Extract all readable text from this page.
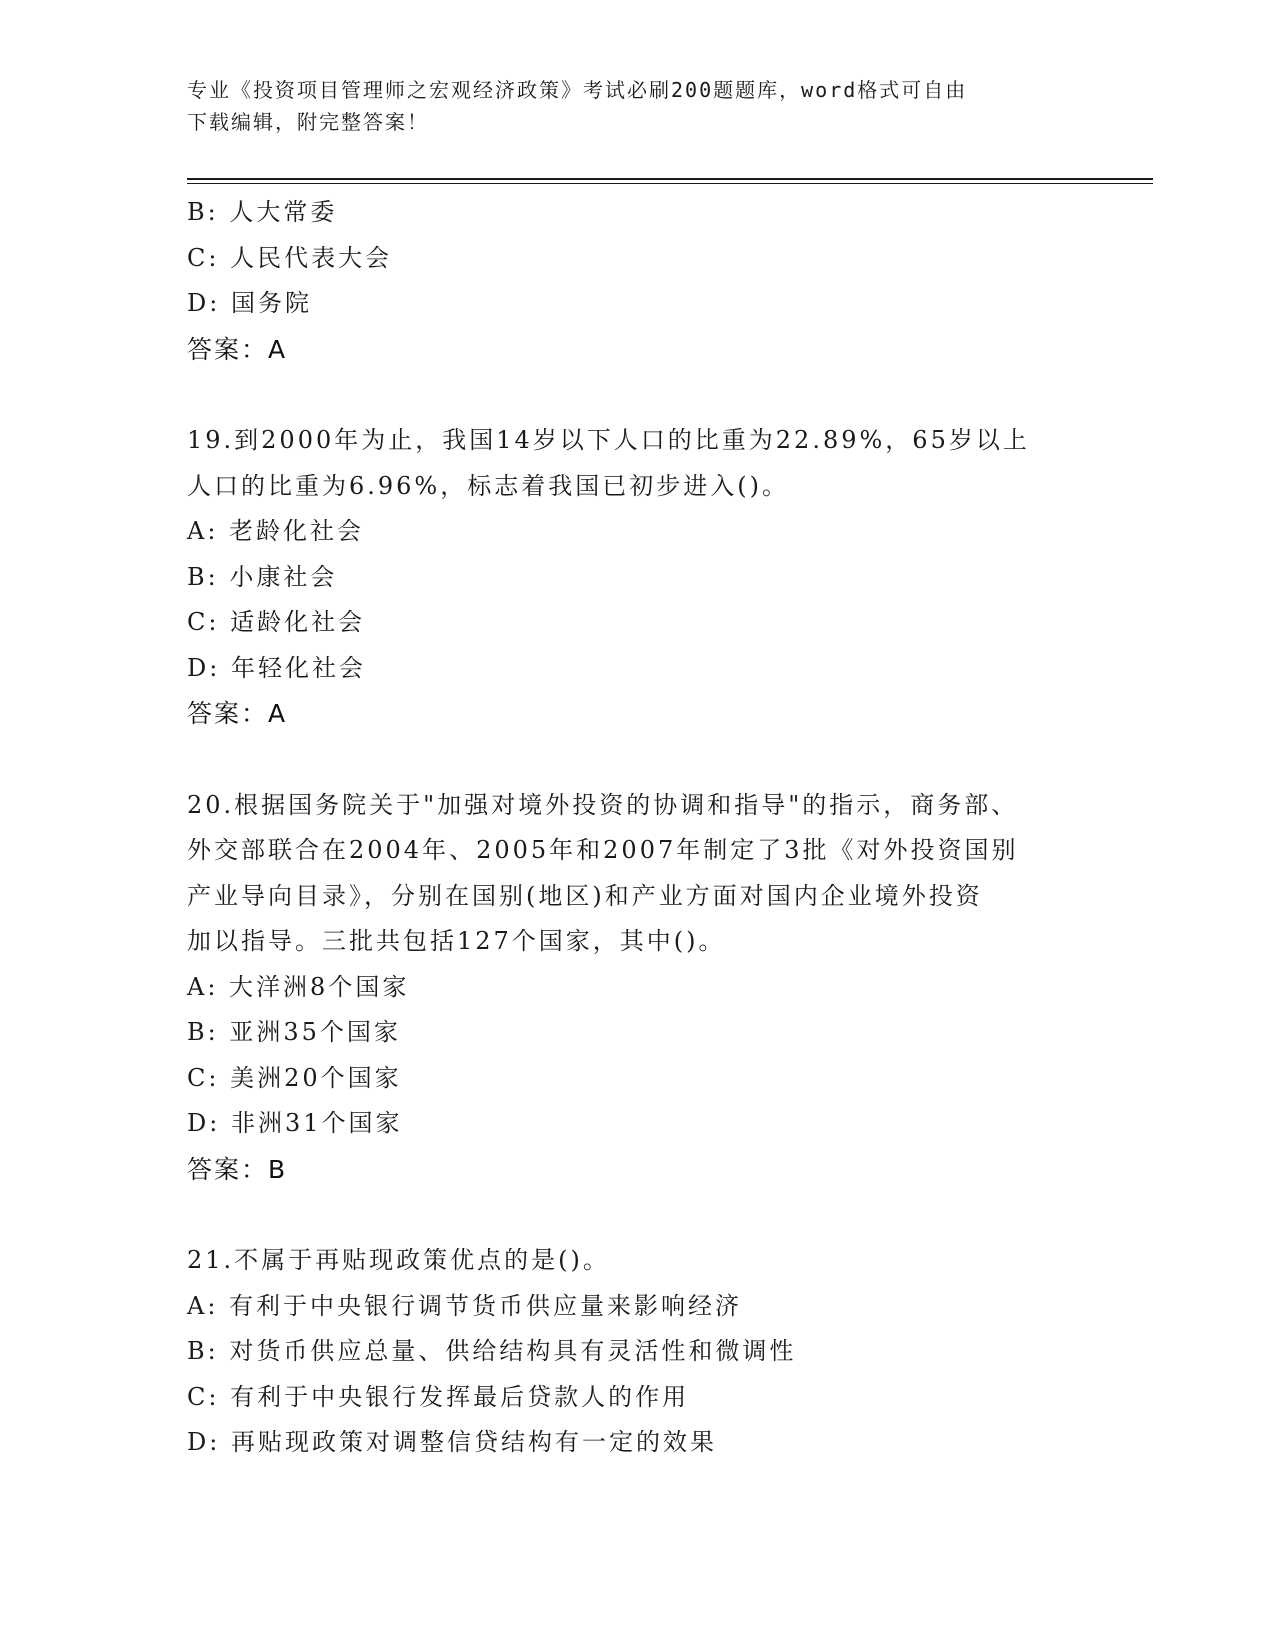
专业《投资项目管理师之宏观经济政策》考试必刷200题题库，word格式可自由
下载编辑，附完整答案！
B: 人大常委
C: 人民代表大会
D: 国务院
答案：A
19.到2000年为止，我国14岁以下人口的比重为22.89%，65岁以上
人口的比重为6.96%，标志着我国已初步进入()。
A: 老龄化社会
B: 小康社会
C: 适龄化社会
D: 年轻化社会
答案：A
20.根据国务院关于"加强对境外投资的协调和指导"的指示，商务部、
外交部联合在2004年、2005年和2007年制定了3批《对外投资国别
产业导向目录》，分别在国别(地区)和产业方面对国内企业境外投资
加以指导。三批共包括127个国家，其中()。
A: 大洋洲8个国家
B: 亚洲35个国家
C: 美洲20个国家
D: 非洲31个国家
答案：B
21.不属于再贴现政策优点的是()。
A: 有利于中央银行调节货币供应量来影响经济
B: 对货币供应总量、供给结构具有灵活性和微调性
C: 有利于中央银行发挥最后贷款人的作用
D: 再贴现政策对调整信贷结构有一定的效果
